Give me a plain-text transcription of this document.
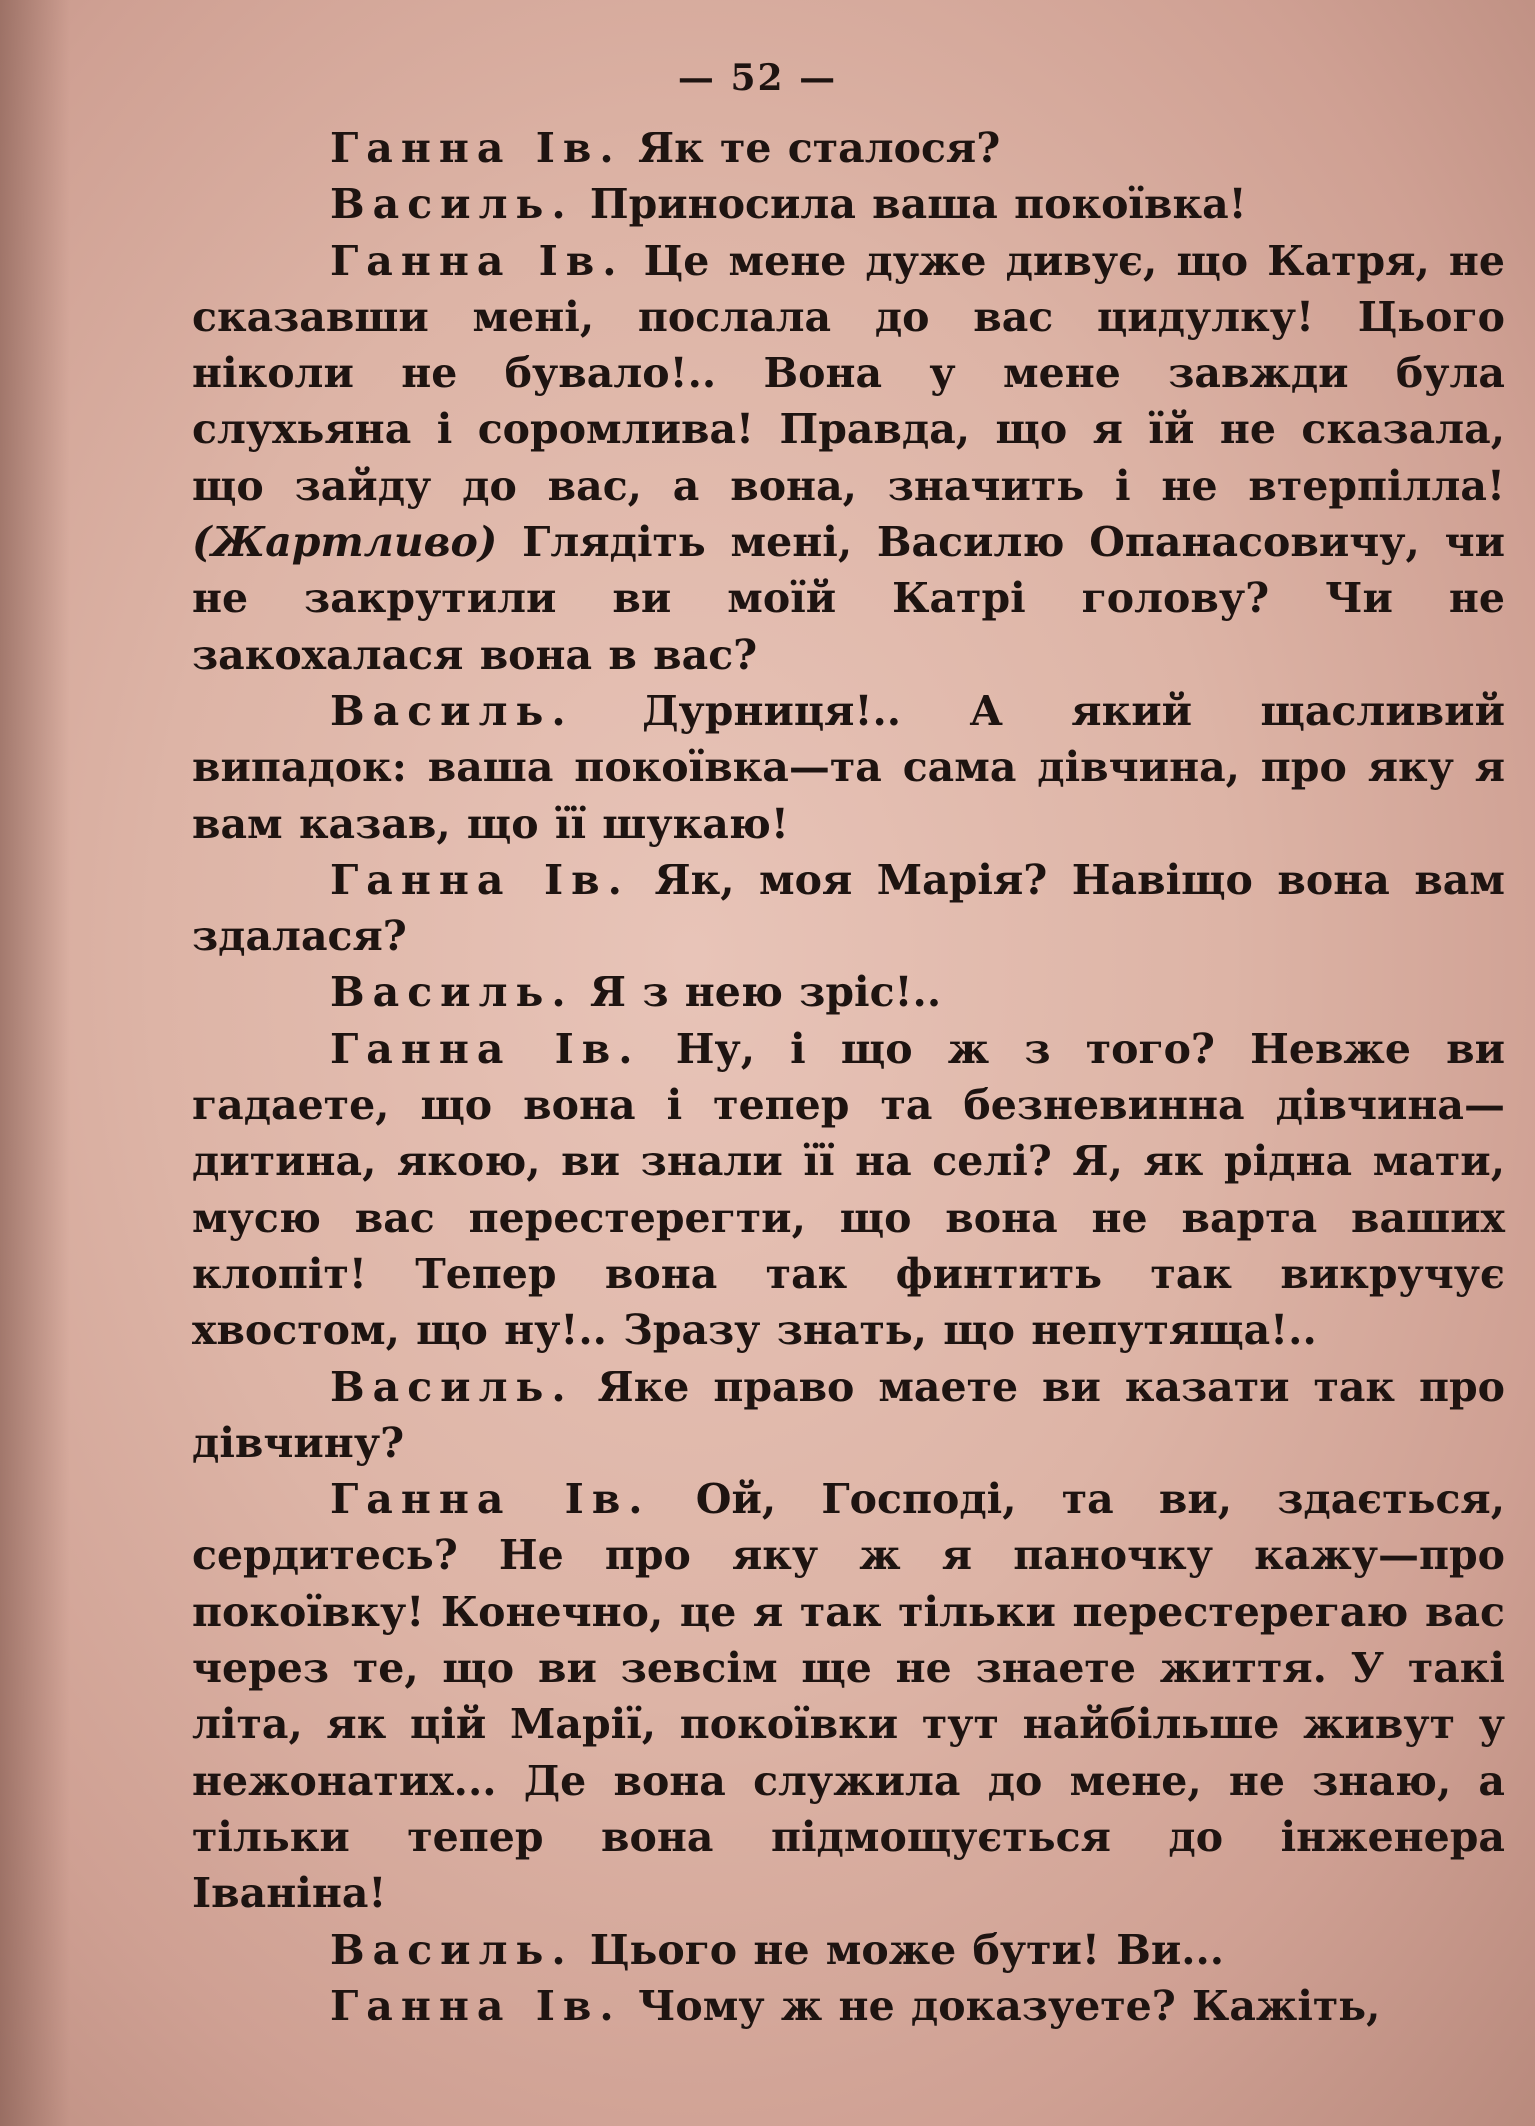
— 52 —

Ганна Ів. Як те сталося?

Василь. Приносила ваша покоївка!

Ганна Ів. Це мене дуже дивує, що Катря, не сказавши мені, послала до вас цидулку! Цього ніколи не бувало!.. Вона у мене завжди була слухьяна і соромлива! Правда, що я їй не сказала, що зайду до вас, а вона, значить і не втерпілла! (Жартливо) Глядіть мені, Василю Опанасовичу, чи не закрутили ви моїй Катрі голову? Чи не закохалася вона в вас?

Василь. Дурниця!.. А який щасливий випадок: ваша покоївка—та сама дівчина, про яку я вам казав, що її шукаю!

Ганна Ів. Як, моя Марія? Навіщо вона вам здалася?

Василь. Я з нею зріс!..

Ганна Ів. Ну, і що ж з того? Невже ви гадаете, що вона і тепер та безневинна дівчина—дитина, якою, ви знали її на селі? Я, як рідна мати, мусю вас перестерегти, що вона не варта ваших клопіт! Тепер вона так финтить так викручує хвостом, що ну!.. Зразу знать, що непутяща!..

Василь. Яке право маете ви казати так про дівчину?

Ганна Ів. Ой, Господі, та ви, здається, сердитесь? Не про яку ж я паночку кажу—про покоївку! Конечно, це я так тільки перестерегаю вас через те, що ви зевсім ще не знаете життя. У такі літа, як цій Марії, покоївки тут найбільше живут у нежонатих... Де вона служила до мене, не знаю, а тільки тепер вона підмощується до інженера Іваніна!

Василь. Цього не може бути! Ви...

Ганна Ів. Чому ж не доказуете? Кажіть,
